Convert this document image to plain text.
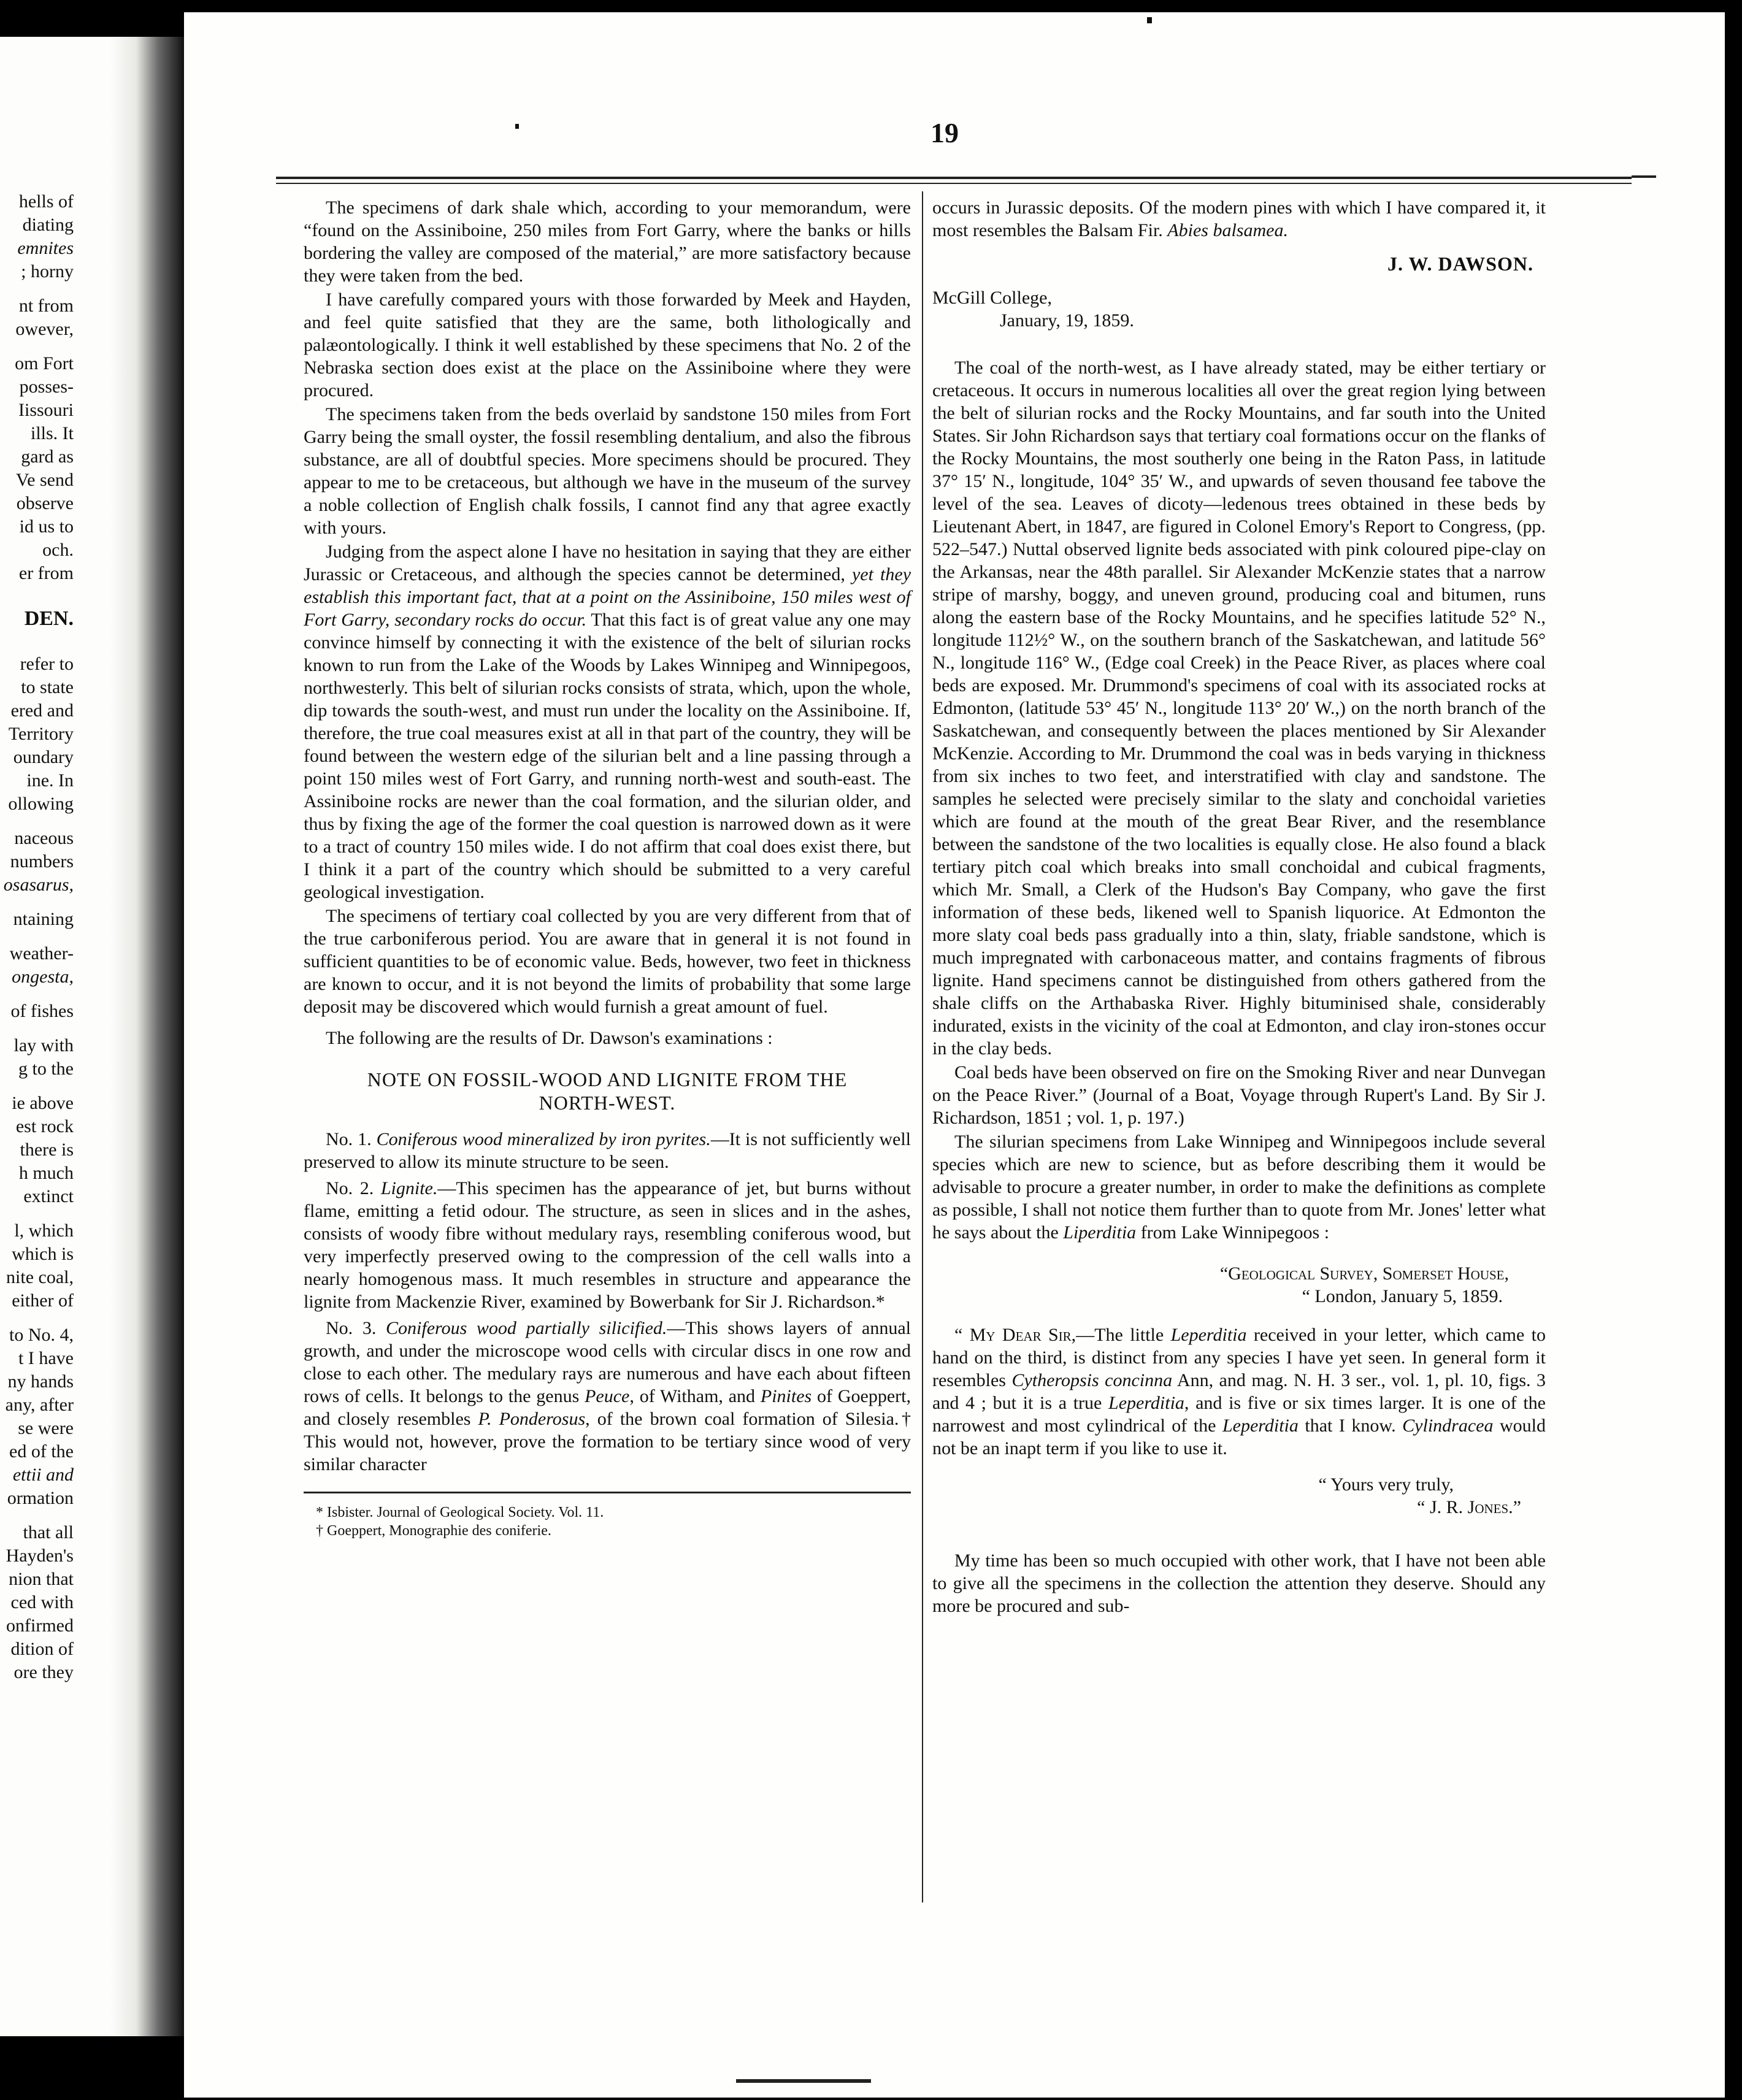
hells of
diating
emnites
; horny
nt from
owever,
om Fort
posses-
Iissouri
ills. It
gard as
Ve send
observe
id us to
och.
er from
DEN.
refer to
to state
ered and
Territory
oundary
ine. In
ollowing
naceous
numbers
osasarus,
ntaining
weather-
ongesta,
of fishes
lay with
g to the
ie above
est rock
there is
h much
extinct
l, which
which is
nite coal,
either of
to No. 4,
t I have
ny hands
any, after
se were
ed of the
ettii and
ormation
that all
Hayden's
nion that
ced with
onfirmed
dition of
ore they
19

The specimens of dark shale which, according to your memorandum, were “found on the Assiniboine, 250 miles from Fort Garry, where the banks or hills bordering the valley are composed of the material,” are more satisfactory because they were taken from the bed.

I have carefully compared yours with those forwarded by Meek and Hayden, and feel quite satisfied that they are the same, both lithologically and palæontologically. I think it well established by these specimens that No. 2 of the Nebraska section does exist at the place on the Assiniboine where they were procured.

The specimens taken from the beds overlaid by sandstone 150 miles from Fort Garry being the small oyster, the fossil resembling dentalium, and also the fibrous substance, are all of doubtful species. More specimens should be procured. They appear to me to be cretaceous, but although we have in the museum of the survey a noble collection of English chalk fossils, I cannot find any that agree exactly with yours.

Judging from the aspect alone I have no hesitation in saying that they are either Jurassic or Cretaceous, and although the species cannot be determined, yet they establish this important fact, that at a point on the Assiniboine, 150 miles west of Fort Garry, secondary rocks do occur. That this fact is of great value any one may convince himself by connecting it with the existence of the belt of silurian rocks known to run from the Lake of the Woods by Lakes Winnipeg and Winnipegoos, northwesterly. This belt of silurian rocks consists of strata, which, upon the whole, dip towards the south-west, and must run under the locality on the Assiniboine. If, therefore, the true coal measures exist at all in that part of the country, they will be found between the western edge of the silurian belt and a line passing through a point 150 miles west of Fort Garry, and running north-west and south-east. The Assiniboine rocks are newer than the coal formation, and the silurian older, and thus by fixing the age of the former the coal question is narrowed down as it were to a tract of country 150 miles wide. I do not affirm that coal does exist there, but I think it a part of the country which should be submitted to a very careful geological investigation.

The specimens of tertiary coal collected by you are very different from that of the true carboniferous period. You are aware that in general it is not found in sufficient quantities to be of economic value. Beds, however, two feet in thickness are known to occur, and it is not beyond the limits of probability that some large deposit may be discovered which would furnish a great amount of fuel.

The following are the results of Dr. Dawson's examinations :

NOTE ON FOSSIL-WOOD AND LIGNITE FROM THE NORTH-WEST.

No. 1. Coniferous wood mineralized by iron pyrites.—It is not sufficiently well preserved to allow its minute structure to be seen.

No. 2. Lignite.—This specimen has the appearance of jet, but burns without flame, emitting a fetid odour. The structure, as seen in slices and in the ashes, consists of woody fibre without medulary rays, resembling coniferous wood, but very imperfectly preserved owing to the compression of the cell walls into a nearly homogenous mass. It much resembles in structure and appearance the lignite from Mackenzie River, examined by Bowerbank for Sir J. Richardson.*

No. 3. Coniferous wood partially silicified.—This shows layers of annual growth, and under the microscope wood cells with circular discs in one row and close to each other. The medulary rays are numerous and have each about fifteen rows of cells. It belongs to the genus Peuce, of Witham, and Pinites of Goeppert, and closely resembles P. Ponderosus, of the brown coal formation of Silesia.† This would not, however, prove the formation to be tertiary since wood of very similar character

* Isbister. Journal of Geological Society. Vol. 11.
† Goeppert, Monographie des coniferie.

occurs in Jurassic deposits. Of the modern pines with which I have compared it, it most resembles the Balsam Fir. Abies balsamea.

J. W. DAWSON.
McGill College,
January, 19, 1859.

The coal of the north-west, as I have already stated, may be either tertiary or cretaceous. It occurs in numerous localities all over the great region lying between the belt of silurian rocks and the Rocky Mountains, and far south into the United States. Sir John Richardson says that tertiary coal formations occur on the flanks of the Rocky Mountains, the most southerly one being in the Raton Pass, in latitude 37° 15′ N., longitude, 104° 35′ W., and upwards of seven thousand fee tabove the level of the sea. Leaves of dicoty—ledenous trees obtained in these beds by Lieutenant Abert, in 1847, are figured in Colonel Emory's Report to Congress, (pp. 522–547.) Nuttal observed lignite beds associated with pink coloured pipe-clay on the Arkansas, near the 48th parallel. Sir Alexander McKenzie states that a narrow stripe of marshy, boggy, and uneven ground, producing coal and bitumen, runs along the eastern base of the Rocky Mountains, and he specifies latitude 52° N., longitude 112½° W., on the southern branch of the Saskatchewan, and latitude 56° N., longitude 116° W., (Edge coal Creek) in the Peace River, as places where coal beds are exposed. Mr. Drummond's specimens of coal with its associated rocks at Edmonton, (latitude 53° 45′ N., longitude 113° 20′ W.,) on the north branch of the Saskatchewan, and consequently between the places mentioned by Sir Alexander McKenzie. According to Mr. Drummond the coal was in beds varying in thickness from six inches to two feet, and interstratified with clay and sandstone. The samples he selected were precisely similar to the slaty and conchoidal varieties which are found at the mouth of the great Bear River, and the resemblance between the sandstone of the two localities is equally close. He also found a black tertiary pitch coal which breaks into small conchoidal and cubical fragments, which Mr. Small, a Clerk of the Hudson's Bay Company, who gave the first information of these beds, likened well to Spanish liquorice. At Edmonton the more slaty coal beds pass gradually into a thin, slaty, friable sandstone, which is much impregnated with carbonaceous matter, and contains fragments of fibrous lignite. Hand specimens cannot be distinguished from others gathered from the shale cliffs on the Arthabaska River. Highly bituminised shale, considerably indurated, exists in the vicinity of the coal at Edmonton, and clay iron-stones occur in the clay beds.

Coal beds have been observed on fire on the Smoking River and near Dunvegan on the Peace River.” (Journal of a Boat, Voyage through Rupert's Land. By Sir J. Richardson, 1851 ; vol. 1, p. 197.)

The silurian specimens from Lake Winnipeg and Winnipegoos include several species which are new to science, but as before describing them it would be advisable to procure a greater number, in order to make the definitions as complete as possible, I shall not notice them further than to quote from Mr. Jones' letter what he says about the Liperditia from Lake Winnipegoos :

“Geological Survey, Somerset House,
“ London, January 5, 1859.

“ My Dear Sir,—The little Leperditia received in your letter, which came to hand on the third, is distinct from any species I have yet seen. In general form it resembles Cytheropsis concinna Ann, and mag. N. H. 3 ser., vol. 1, pl. 10, figs. 3 and 4 ; but it is a true Leperditia, and is five or six times larger. It is one of the narrowest and most cylindrical of the Leperditia that I know. Cylindracea would not be an inapt term if you like to use it.

“ Yours very truly,
“ J. R. Jones.”

My time has been so much occupied with other work, that I have not been able to give all the specimens in the collection the attention they deserve. Should any more be procured and sub-
